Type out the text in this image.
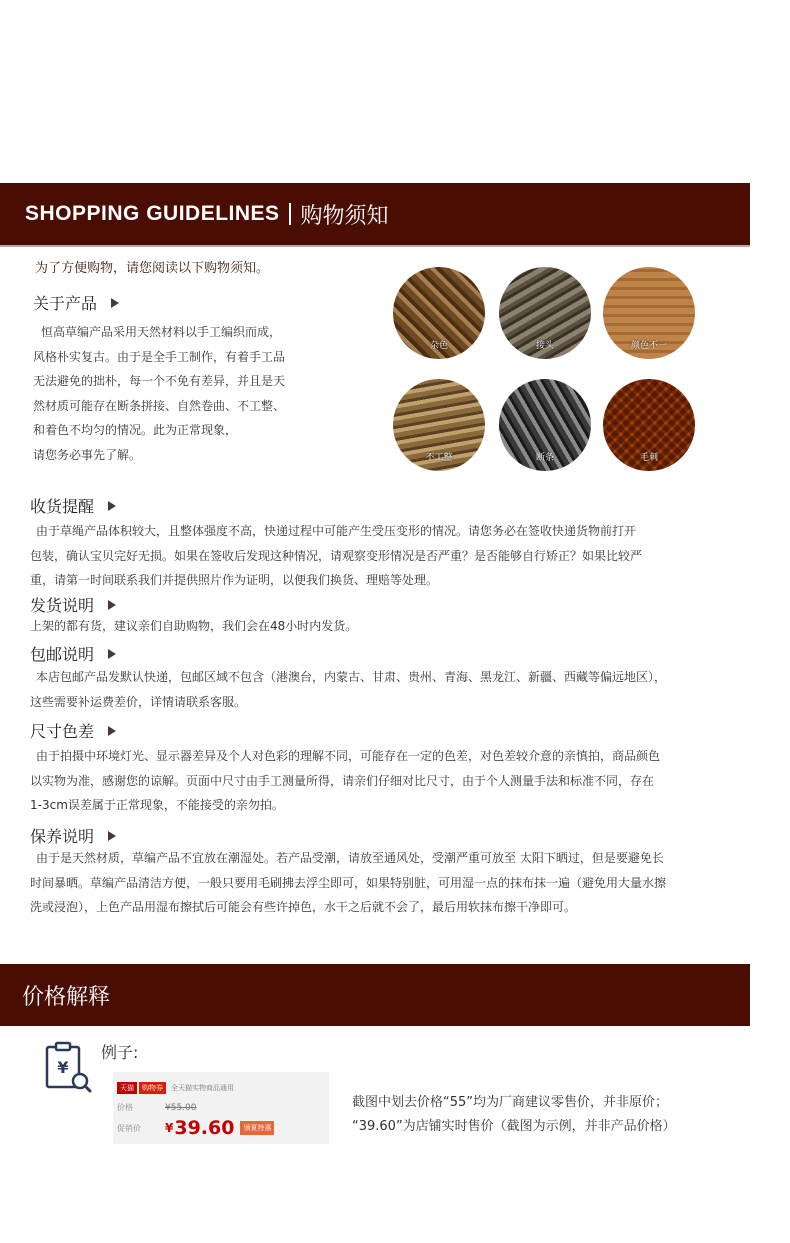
SHOPPING GUIDELINES 购物须知
为了方便购物，请您阅读以下购物须知。
关于产品
恒高草编产品采用天然材料以手工编织而成，
风格朴实复古。由于是全手工制作，有着手工品
无法避免的拙朴，每一个不免有差异，并且是天
然材质可能存在断条拼接、自然卷曲、不工整、
和着色不均匀的情况。此为正常现象，
请您务必事先了解。
杂色	接头	颜色不一
不工整	断条	毛刺
收货提醒
由于草绳产品体积较大，且整体强度不高，快递过程中可能产生受压变形的情况。请您务必在签收快递货物前打开
包装，确认宝贝完好无损。如果在签收后发现这种情况，请观察变形情况是否严重？是否能够自行矫正？如果比较严
重，请第一时间联系我们并提供照片作为证明，以便我们换货、理赔等处理。
发货说明
上架的都有货，建议亲们自助购物，我们会在48小时内发货。
包邮说明
本店包邮产品发默认快递，包邮区域不包含（港澳台，内蒙古、甘肃、贵州、青海、黑龙江、新疆、西藏等偏远地区），
这些需要补运费差价，详情请联系客服。
尺寸色差
由于拍摄中环境灯光、显示器差异及个人对色彩的理解不同，可能存在一定的色差，对色差较介意的亲慎拍，商品颜色
以实物为准，感谢您的谅解。页面中尺寸由手工测量所得，请亲们仔细对比尺寸，由于个人测量手法和标准不同，存在
1-3cm误差属于正常现象，不能接受的亲勿拍。
保养说明
由于是天然材质，草编产品不宜放在潮湿处。若产品受潮，请放至通风处，受潮严重可放至 太阳下晒过，但是要避免长
时间暴晒。草编产品清洁方便，一般只要用毛刷拂去浮尘即可，如果特别脏，可用湿一点的抹布抹一遍（避免用大量水擦
洗或浸泡），上色产品用湿布擦拭后可能会有些许掉色，水干之后就不会了，最后用软抹布擦干净即可。
价格解释
¥
例子:
天猫	购物券	全天猫实物商品通用
价格	¥55.00
促销价	¥ 39.60	颁夏特惠
截图中划去价格“55”均为厂商建议零售价，并非原价；
“39.60”为店铺实时售价（截图为示例，并非产品价格）
